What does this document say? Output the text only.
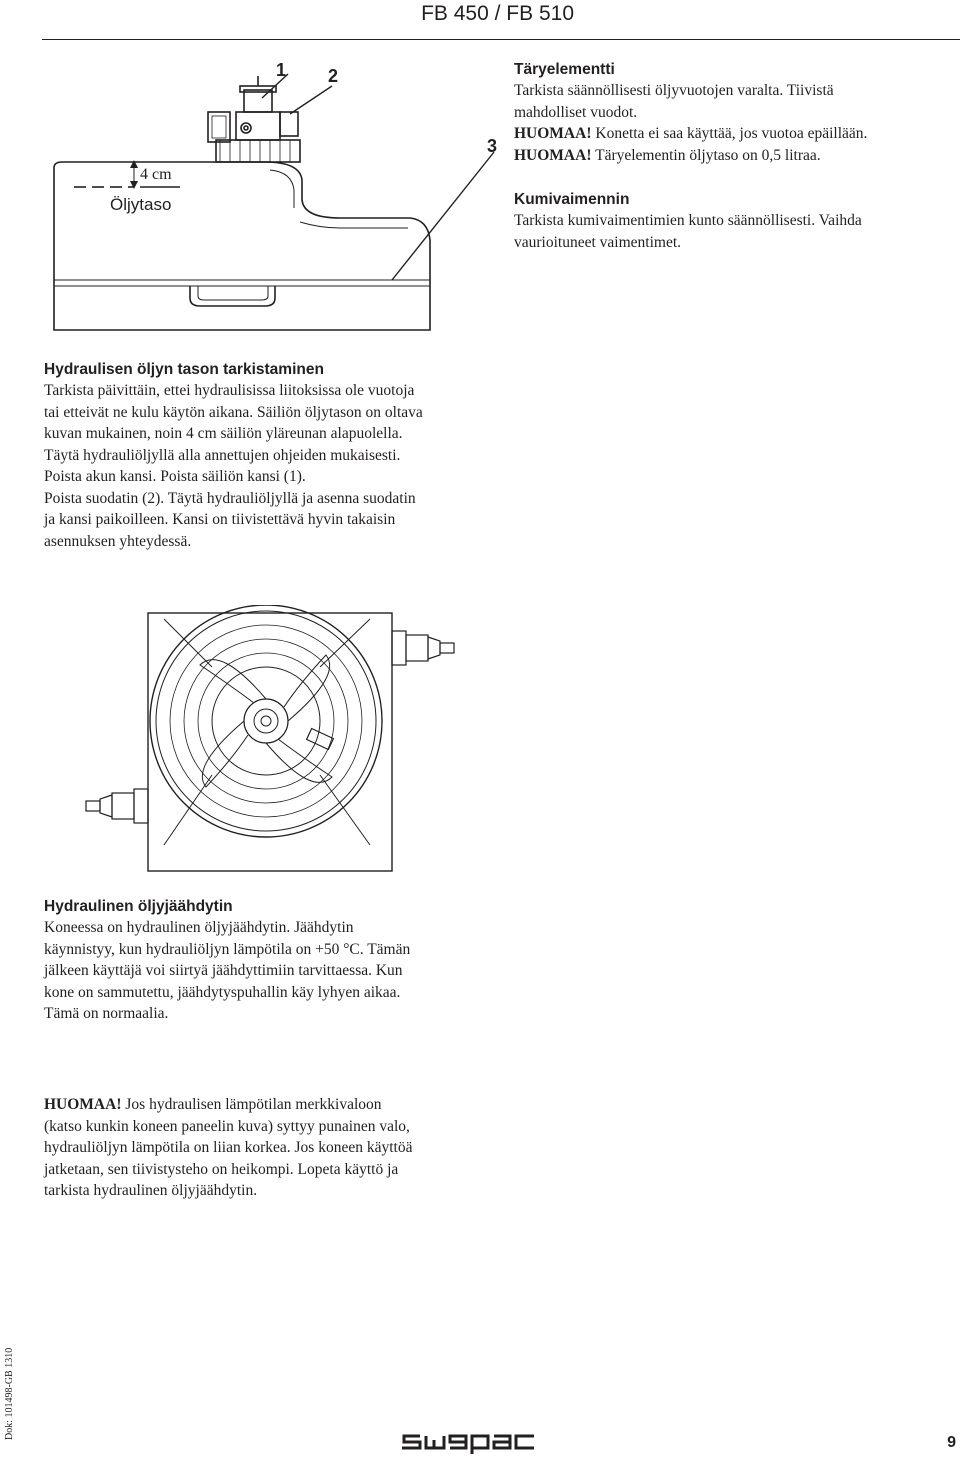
FB 450 / FB 510
1 2
3
4 cm
Öljytaso
Täryelementti

Tarkista säännöllisesti öljyvuotojen varalta. Tiivistä
mahdolliset vuodot.
HUOMAA! Konetta ei saa käyttää, jos vuotoa epäillään.
HUOMAA! Täryelementin öljytaso on 0,5 litraa.

Kumivaimennin

Tarkista kumivaimentimien kunto säännöllisesti. Vaihda
vaurioituneet vaimentimet.

Hydraulisen öljyn tason tarkistaminen

Tarkista päivittäin, ettei hydraulisissa liitoksissa ole vuotoja
tai etteivät ne kulu käytön aikana. Säiliön öljytason on oltava
kuvan mukainen, noin 4 cm säiliön yläreunan alapuolella.
Täytä hydrauliöljyllä alla annettujen ohjeiden mukaisesti.
Poista akun kansi. Poista säiliön kansi (1).
Poista suodatin (2). Täytä hydrauliöljyllä ja asenna suodatin
ja kansi paikoilleen. Kansi on tiivistettävä hyvin takaisin
asennuksen yhteydessä.

Hydraulinen öljyjäähdytin

Koneessa on hydraulinen öljyjäähdytin. Jäähdytin
käynnistyy, kun hydrauliöljyn lämpötila on +50 °C. Tämän
jälkeen käyttäjä voi siirtyä jäähdyttimiin tarvittaessa. Kun
kone on sammutettu, jäähdytyspuhallin käy lyhyen aikaa.
Tämä on normaalia.

HUOMAA! Jos hydraulisen lämpötilan merkkivaloon
(katso kunkin koneen paneelin kuva) syttyy punainen valo,
hydrauliöljyn lämpötila on liian korkea. Jos koneen käyttöä
jatketaan, sen tiivistysteho on heikompi. Lopeta käyttö ja
tarkista hydraulinen öljyjäähdytin.

Dok: 101498-GB 1310
9
